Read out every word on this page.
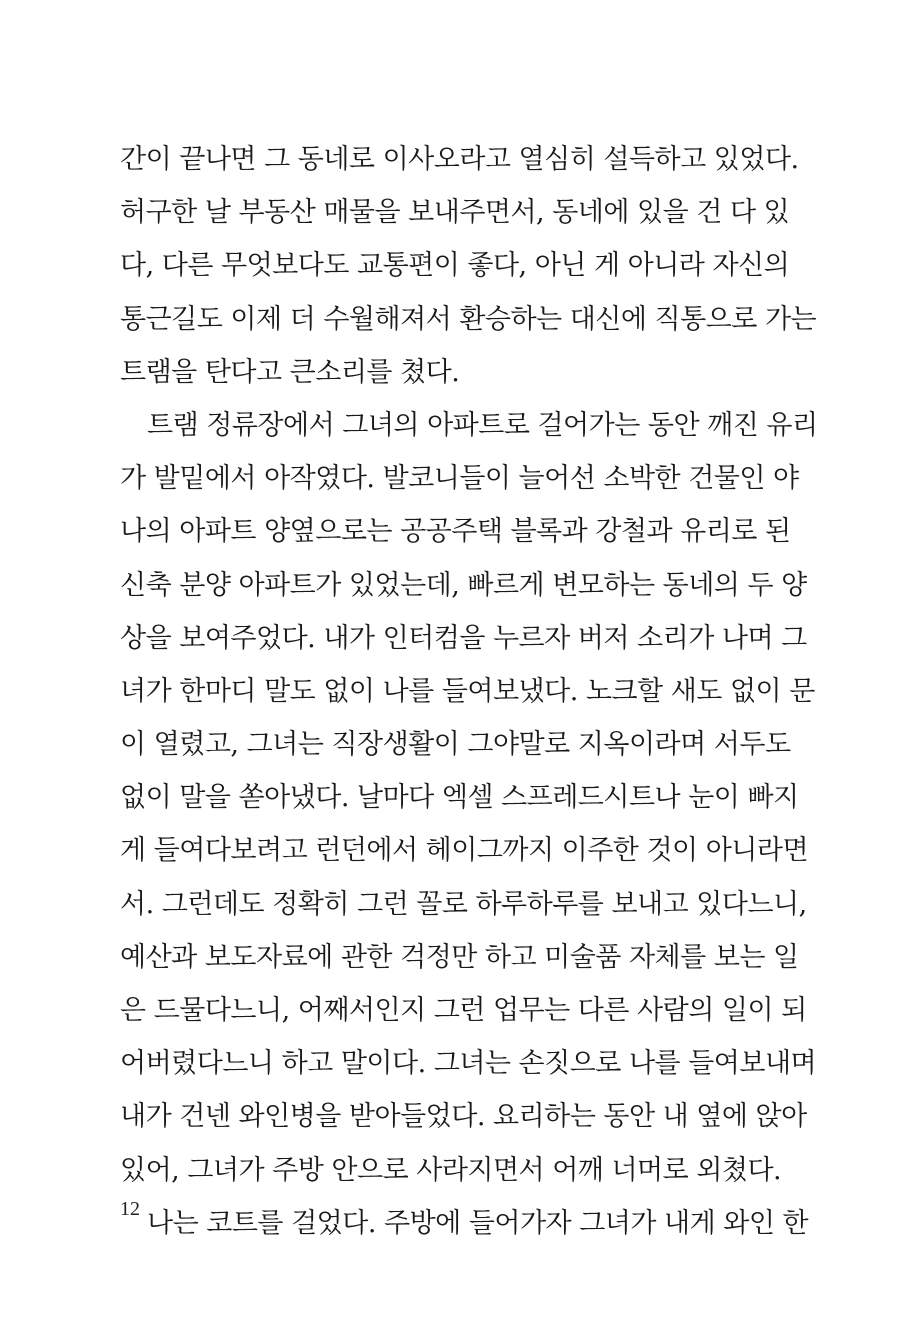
간이 끝나면 그 동네로 이사오라고 열심히 설득하고 있었다.
허구한 날 부동산 매물을 보내주면서, 동네에 있을 건 다 있
다, 다른 무엇보다도 교통편이 좋다, 아닌 게 아니라 자신의
통근길도 이제 더 수월해져서 환승하는 대신에 직통으로 가는
트램을 탄다고 큰소리를 쳤다.
트램 정류장에서 그녀의 아파트로 걸어가는 동안 깨진 유리
가 발밑에서 아작였다. 발코니들이 늘어선 소박한 건물인 야
나의 아파트 양옆으로는 공공주택 블록과 강철과 유리로 된
신축 분양 아파트가 있었는데, 빠르게 변모하는 동네의 두 양
상을 보여주었다. 내가 인터컴을 누르자 버저 소리가 나며 그
녀가 한마디 말도 없이 나를 들여보냈다. 노크할 새도 없이 문
이 열렸고, 그녀는 직장생활이 그야말로 지옥이라며 서두도
없이 말을 쏟아냈다. 날마다 엑셀 스프레드시트나 눈이 빠지
게 들여다보려고 런던에서 헤이그까지 이주한 것이 아니라면
서. 그런데도 정확히 그런 꼴로 하루하루를 보내고 있다느니,
예산과 보도자료에 관한 걱정만 하고 미술품 자체를 보는 일
은 드물다느니, 어째서인지 그런 업무는 다른 사람의 일이 되
어버렸다느니 하고 말이다. 그녀는 손짓으로 나를 들여보내며
내가 건넨 와인병을 받아들었다. 요리하는 동안 내 옆에 앉아
있어, 그녀가 주방 안으로 사라지면서 어깨 너머로 외쳤다.
나는 코트를 걸었다. 주방에 들어가자 그녀가 내게 와인 한
12
